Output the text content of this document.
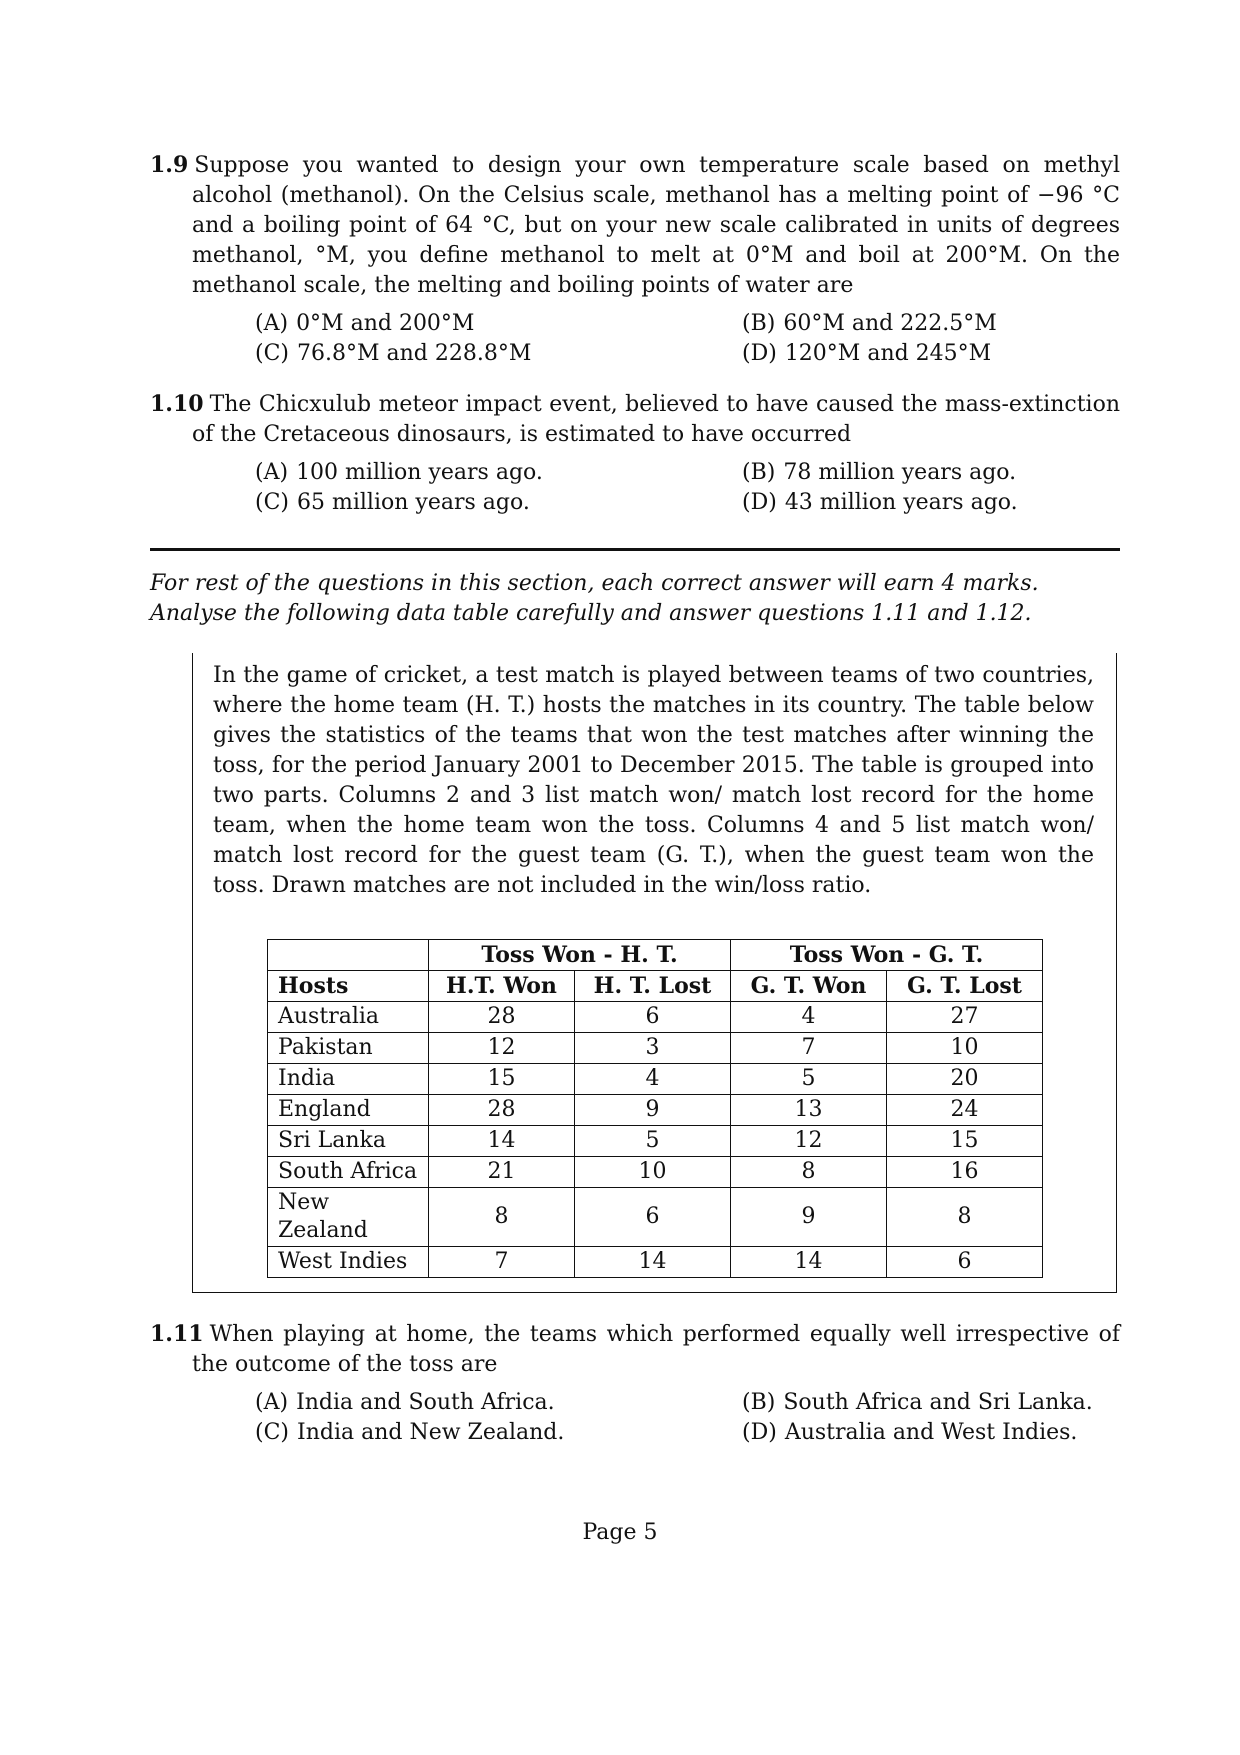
1.9 Suppose you wanted to design your own temperature scale based on methyl alcohol (methanol). On the Celsius scale, methanol has a melting point of −96 °C and a boiling point of 64 °C, but on your new scale calibrated in units of degrees methanol, °M, you define methanol to melt at 0°M and boil at 200°M. On the methanol scale, the melting and boiling points of water are

(A) 0°M and 200°M	(B) 60°M and 222.5°M
(C) 76.8°M and 228.8°M	(D) 120°M and 245°M

1.10 The Chicxulub meteor impact event, believed to have caused the mass-extinction of the Cretaceous dinosaurs, is estimated to have occurred

(A) 100 million years ago.	(B) 78 million years ago.
(C) 65 million years ago.	(D) 43 million years ago.
For rest of the questions in this section, each correct answer will earn 4 marks.
Analyse the following data table carefully and answer questions 1.11 and 1.12.

In the game of cricket, a test match is played between teams of two countries, where the home team (H. T.) hosts the matches in its country. The table below gives the statistics of the teams that won the test matches after winning the toss, for the period January 2001 to December 2015. The table is grouped into two parts. Columns 2 and 3 list match won/ match lost record for the home team, when the home team won the toss. Columns 4 and 5 list match won/ match lost record for the guest team (G. T.), when the guest team won the toss. Drawn matches are not included in the win/loss ratio.

	Toss Won - H. T.		Toss Won - G. T.	
Hosts	H.T. Won	H. T. Lost	G. T. Won	G. T. Lost
Australia	28	6	4	27
Pakistan	12	3	7	10
India	15	4	5	20
England	28	9	13	24
Sri Lanka	14	5	12	15
South Africa	21	10	8	16
New Zealand	8	6	9	8
West Indies	7	14	14	6

1.11 When playing at home, the teams which performed equally well irrespective of the outcome of the toss are

(A) India and South Africa.	(B) South Africa and Sri Lanka.
(C) India and New Zealand.	(D) Australia and West Indies.
Page 5
